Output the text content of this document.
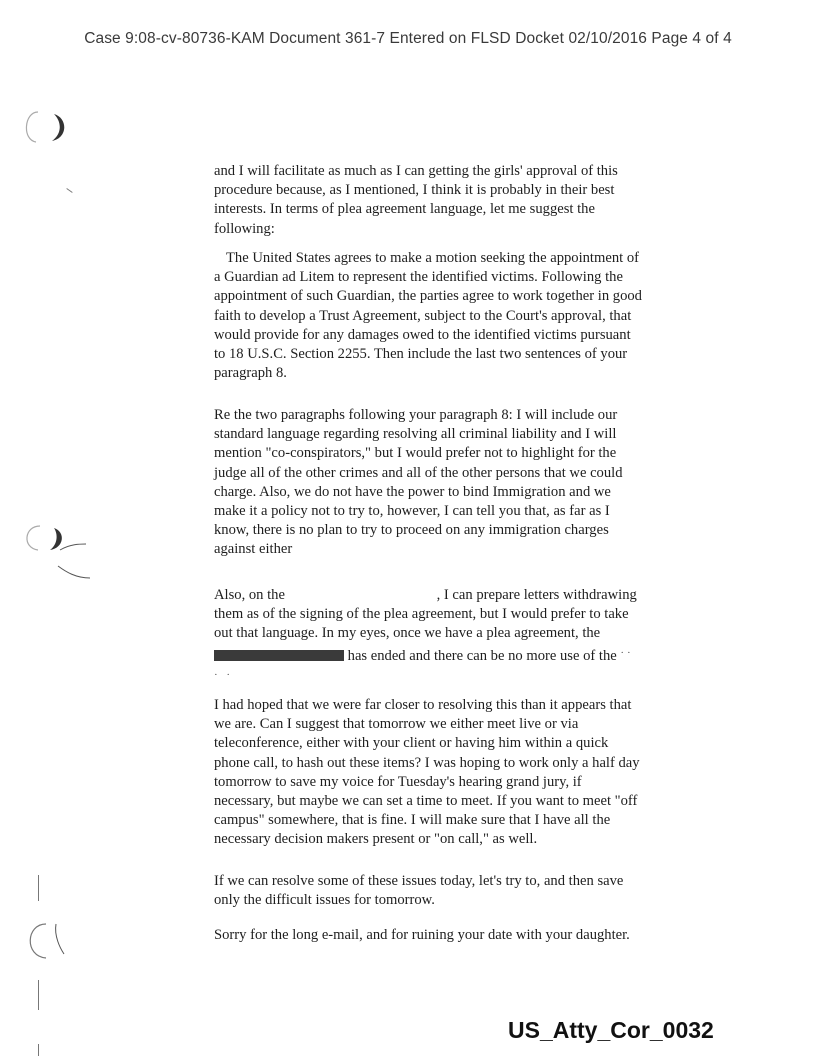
Case 9:08-cv-80736-KAM Document 361-7 Entered on FLSD Docket 02/10/2016 Page 4 of 4

and I will facilitate as much as I can getting the girls' approval of this procedure because, as I mentioned, I think it is probably in their best interests. In terms of plea agreement language, let me suggest the following:

The United States agrees to make a motion seeking the appointment of a Guardian ad Litem to represent the identified victims. Following the appointment of such Guardian, the parties agree to work together in good faith to develop a Trust Agreement, subject to the Court's approval, that would provide for any damages owed to the identified victims pursuant to 18 U.S.C. Section 2255. Then include the last two sentences of your paragraph 8.

Re the two paragraphs following your paragraph 8: I will include our standard language regarding resolving all criminal liability and I will mention "co-conspirators," but I would prefer not to highlight for the judge all of the other crimes and all of the other persons that we could charge. Also, we do not have the power to bind Immigration and we make it a policy not to try to, however, I can tell you that, as far as I know, there is no plan to try to proceed on any immigration charges against either

Also, on the	, I can prepare letters withdrawing them as of the signing of the plea agreement, but I would prefer to take out that language. In my eyes, once we have a plea agreement, the  has ended and there can be no more use of the ·· · ·

I had hoped that we were far closer to resolving this than it appears that we are. Can I suggest that tomorrow we either meet live or via teleconference, either with your client or having him within a quick phone call, to hash out these items? I was hoping to work only a half day tomorrow to save my voice for Tuesday's hearing grand jury, if necessary, but maybe we can set a time to meet. If you want to meet "off campus" somewhere, that is fine. I will make sure that I have all the necessary decision makers present or "on call," as well.

If we can resolve some of these issues today, let's try to, and then save only the difficult issues for tomorrow.

Sorry for the long e-mail, and for ruining your date with your daughter.

US_Atty_Cor_0032
